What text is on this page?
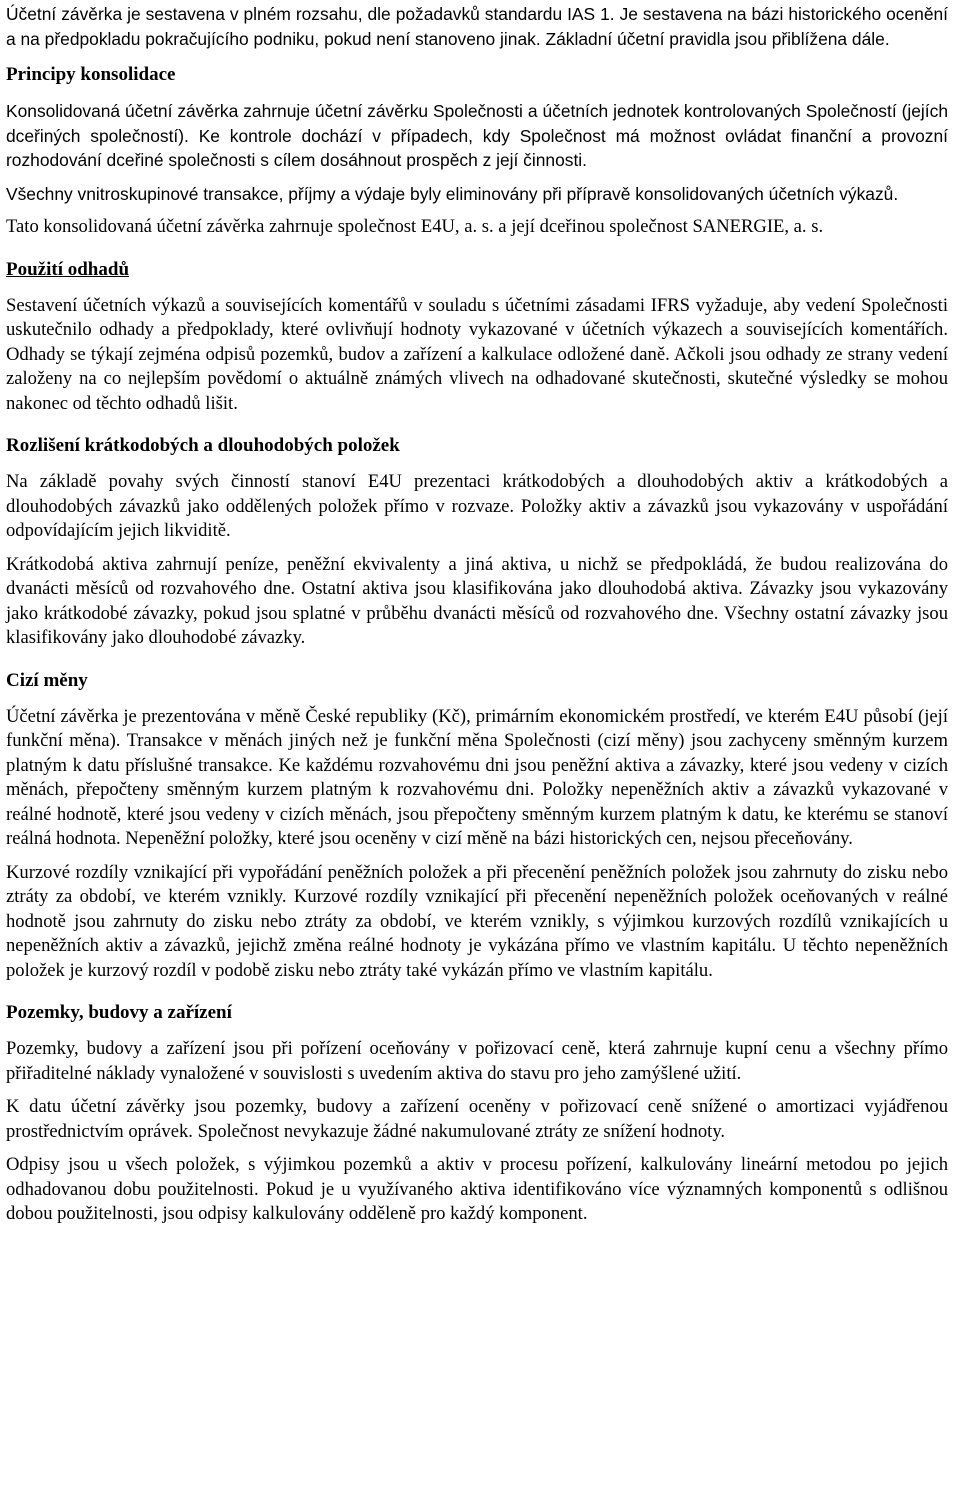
Účetní závěrka je sestavena v plném rozsahu, dle požadavků standardu IAS 1. Je sestavena na bázi historického ocenění a na předpokladu pokračujícího podniku, pokud není stanoveno jinak. Základní účetní pravidla jsou přiblížena dále.

Principy konsolidace

Konsolidovaná účetní závěrka zahrnuje účetní závěrku Společnosti a účetních jednotek kontrolovaných Společností (jejích dceřiných společností). Ke kontrole dochází v případech, kdy Společnost má možnost ovládat finanční a provozní rozhodování dceřiné společnosti s cílem dosáhnout prospěch z její činnosti.

Všechny vnitroskupinové transakce, příjmy a výdaje byly eliminovány při přípravě konsolidovaných účetních výkazů.

Tato konsolidovaná účetní závěrka zahrnuje společnost E4U, a. s. a její dceřinou společnost SANERGIE, a. s.

Použití odhadů

Sestavení účetních výkazů a souvisejících komentářů v souladu s účetními zásadami IFRS vyžaduje, aby vedení Společnosti uskutečnilo odhady a předpoklady, které ovlivňují hodnoty vykazované v účetních výkazech a souvisejících komentářích. Odhady se týkají zejména odpisů pozemků, budov a zařízení a kalkulace odložené daně. Ačkoli jsou odhady ze strany vedení založeny na co nejlepším povědomí o aktuálně známých vlivech na odhadované skutečnosti, skutečné výsledky se mohou nakonec od těchto odhadů lišit.

Rozlišení krátkodobých a dlouhodobých položek

Na základě povahy svých činností stanoví E4U prezentaci krátkodobých a dlouhodobých aktiv a krátkodobých a dlouhodobých závazků jako oddělených položek přímo v rozvaze. Položky aktiv a závazků jsou vykazovány v uspořádání odpovídajícím jejich likviditě.

Krátkodobá aktiva zahrnují peníze, peněžní ekvivalenty a jiná aktiva, u nichž se předpokládá, že budou realizována do dvanácti měsíců od rozvahového dne. Ostatní aktiva jsou klasifikována jako dlouhodobá aktiva. Závazky jsou vykazovány jako krátkodobé závazky, pokud jsou splatné v průběhu dvanácti měsíců od rozvahového dne. Všechny ostatní závazky jsou klasifikovány jako dlouhodobé závazky.

Cizí měny

Účetní závěrka je prezentována v měně České republiky (Kč), primárním ekonomickém prostředí, ve kterém E4U působí (její funkční měna). Transakce v měnách jiných než je funkční měna Společnosti (cizí měny) jsou zachyceny směnným kurzem platným k datu příslušné transakce. Ke každému rozvahovému dni jsou peněžní aktiva a závazky, které jsou vedeny v cizích měnách, přepočteny směnným kurzem platným k rozvahovému dni. Položky nepeněžních aktiv a závazků vykazované v reálné hodnotě, které jsou vedeny v cizích měnách, jsou přepočteny směnným kurzem platným k datu, ke kterému se stanoví reálná hodnota. Nepeněžní položky, které jsou oceněny v cizí měně na bázi historických cen, nejsou přeceňovány.

Kurzové rozdíly vznikající při vypořádání peněžních položek a při přecenění peněžních položek jsou zahrnuty do zisku nebo ztráty za období, ve kterém vznikly. Kurzové rozdíly vznikající při přecenění nepeněžních položek oceňovaných v reálné hodnotě jsou zahrnuty do zisku nebo ztráty za období, ve kterém vznikly, s výjimkou kurzových rozdílů vznikajících u nepeněžních aktiv a závazků, jejichž změna reálné hodnoty je vykázána přímo ve vlastním kapitálu. U těchto nepeněžních položek je kurzový rozdíl v podobě zisku nebo ztráty také vykázán přímo ve vlastním kapitálu.

Pozemky, budovy a zařízení

Pozemky, budovy a zařízení jsou při pořízení oceňovány v pořizovací ceně, která zahrnuje kupní cenu a všechny přímo přiřaditelné náklady vynaložené v souvislosti s uvedením aktiva do stavu pro jeho zamýšlené užití.

K datu účetní závěrky jsou pozemky, budovy a zařízení oceněny v pořizovací ceně snížené o amortizaci vyjádřenou prostřednictvím oprávek. Společnost nevykazuje žádné nakumulované ztráty ze snížení hodnoty.

Odpisy jsou u všech položek, s výjimkou pozemků a aktiv v procesu pořízení, kalkulovány lineární metodou po jejich odhadovanou dobu použitelnosti. Pokud je u využívaného aktiva identifikováno více významných komponentů s odlišnou dobou použitelnosti, jsou odpisy kalkulovány odděleně pro každý komponent.
